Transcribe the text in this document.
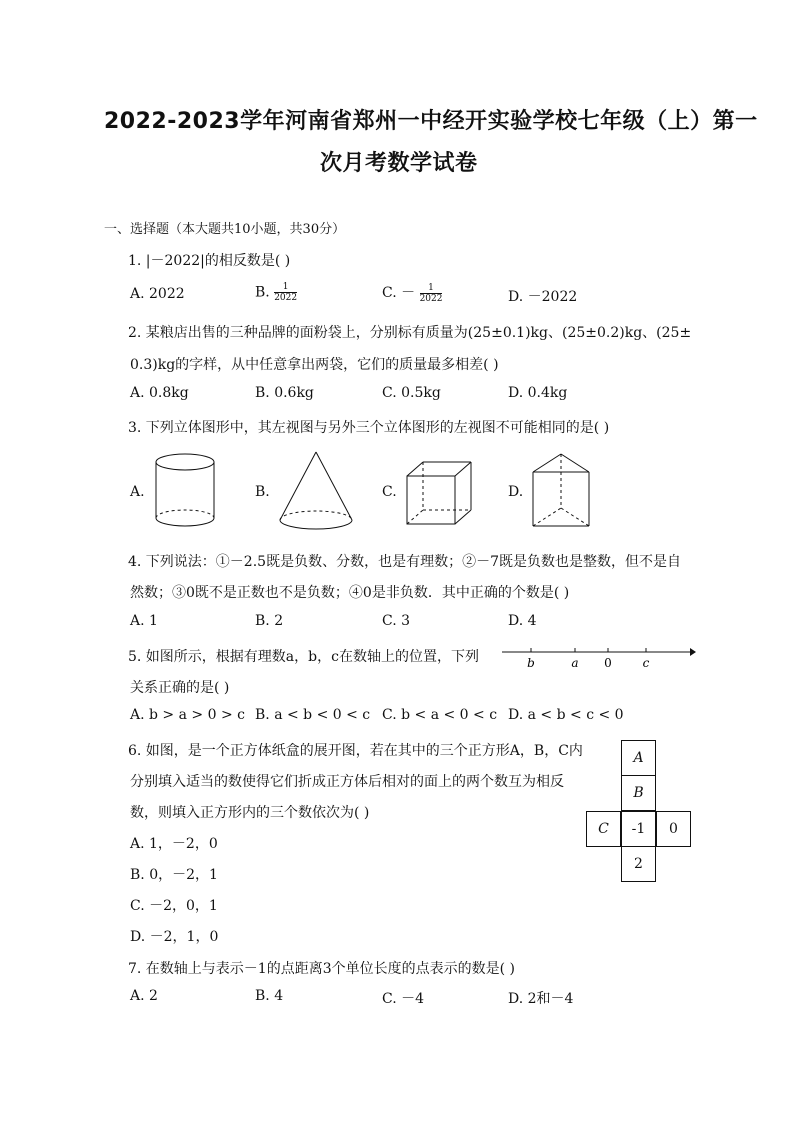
2022-2023学年河南省郑州一中经开实验学校七年级（上）第一
次月考数学试卷
一、选择题（本大题共10小题，共30分）
1. |－2022|的相反数是( )
A. 2022	B. $\frac{1}{2022}$	C. － $\frac{1}{2022}$	D. －2022
2. 某粮店出售的三种品牌的面粉袋上，分别标有质量为(25±0.1)kg、(25±0.2)kg、(25±
0.3)kg的字样，从中任意拿出两袋，它们的质量最多相差( )
A. 0.8kg	B. 0.6kg	C. 0.5kg	D. 0.4kg
3. 下列立体图形中，其左视图与另外三个立体图形的左视图不可能相同的是( )
A.	B.	C.	D.
4. 下列说法：①－2.5既是负数、分数，也是有理数；②－7既是负数也是整数，但不是自
然数；③0既不是正数也不是负数；④0是非负数．其中正确的个数是( )
A. 1	B. 2	C. 3	D. 4
5. 如图所示，根据有理数a，b，c在数轴上的位置，下列
关系正确的是( )
b	a 0	c
A. b > a > 0 > c B. a < b < 0 < c C. b < a < 0 < c D. a < b < c < 0
6. 如图，是一个正方体纸盒的展开图，若在其中的三个正方形A，B，C内
分别填入适当的数使得它们折成正方体后相对的面上的两个数互为相反
数，则填入正方形内的三个数依次为( )
A. 1，－2，0
B. 0，－2，1
C. －2，0，1
D. －2，1，0
A
B
C	-1	0
2
7. 在数轴上与表示－1的点距离3个单位长度的点表示的数是( )
A. 2	B. 4	C. －4	D. 2和－4
